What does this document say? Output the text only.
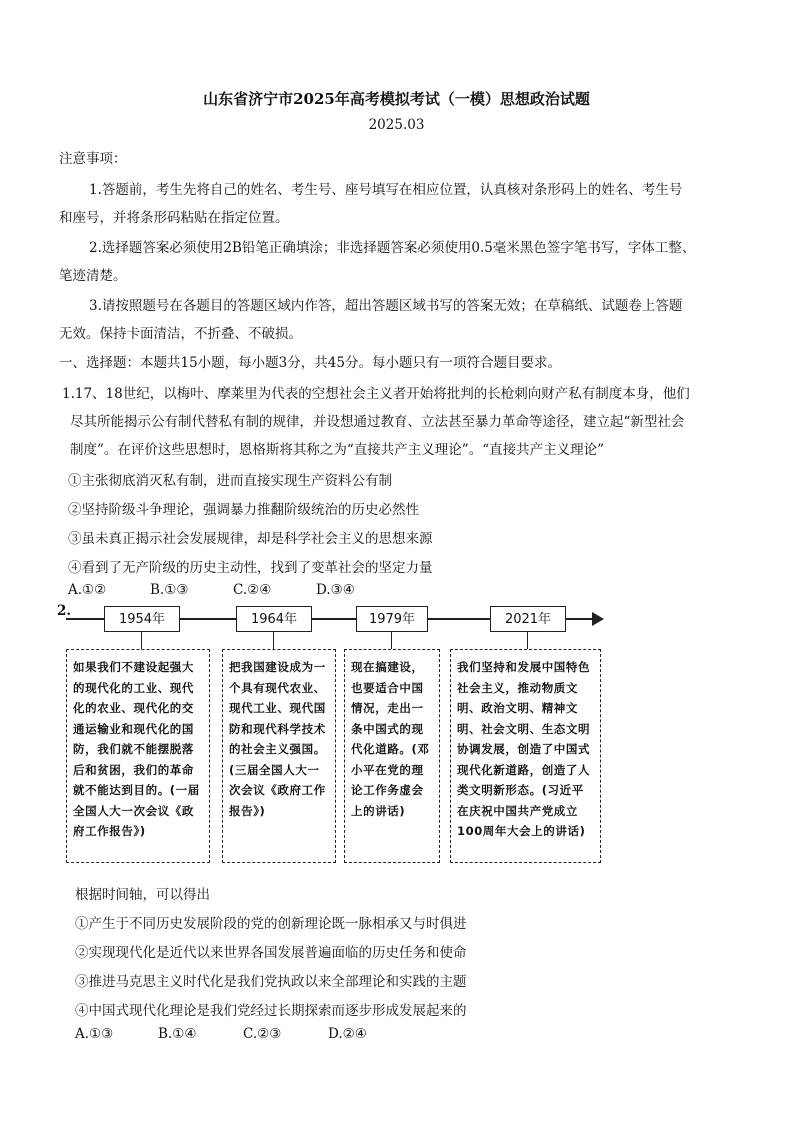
山东省济宁市2025年高考模拟考试（一模）思想政治试题
2025.03
注意事项：
1.答题前，考生先将自己的姓名、考生号、座号填写在相应位置，认真核对条形码上的姓名、考生号
和座号，并将条形码粘贴在指定位置。
2.选择题答案必须使用2B铅笔正确填涂；非选择题答案必须使用0.5毫米黑色签字笔书写，字体工整、
笔迹清楚。
3.请按照题号在各题目的答题区域内作答，超出答题区域书写的答案无效；在草稿纸、试题卷上答题
无效。保持卡面清洁，不折叠、不破损。
一、选择题：本题共15小题，每小题3分，共45分。每小题只有一项符合题目要求。
1.17、18世纪，以梅叶、摩莱里为代表的空想社会主义者开始将批判的长枪刺向财产私有制度本身，他们
尽其所能揭示公有制代替私有制的规律，并设想通过教育、立法甚至暴力革命等途径，建立起“新型社会
制度”。在评价这些思想时，恩格斯将其称之为“直接共产主义理论”。“直接共产主义理论”
①主张彻底消灭私有制，进而直接实现生产资料公有制
②坚持阶级斗争理论，强调暴力推翻阶级统治的历史必然性
③虽未真正揭示社会发展规律，却是科学社会主义的思想来源
④看到了无产阶级的历史主动性，找到了变革社会的坚定力量
A.①②	B.①③	C.②④	D.③④
2.
1954年	1964年	1979年	2021年
如果我们不建设起强大的现代化的工业、现代化的农业、现代化的交通运输业和现代化的国防，我们就不能摆脱落后和贫困，我们的革命就不能达到目的。(一届全国人大一次会议《政府工作报告》)
把我国建设成为一个具有现代农业、现代工业、现代国防和现代科学技术的社会主义强国。(三届全国人大一次会议《政府工作报告》)
现在搞建设，也要适合中国情况，走出一条中国式的现代化道路。(邓小平在党的理论工作务虚会上的讲话)
我们坚持和发展中国特色社会主义，推动物质文明、政治文明、精神文明、社会文明、生态文明协调发展，创造了中国式现代化新道路，创造了人类文明新形态。(习近平在庆祝中国共产党成立100周年大会上的讲话)
根据时间轴，可以得出
①产生于不同历史发展阶段的党的创新理论既一脉相承又与时俱进
②实现现代化是近代以来世界各国发展普遍面临的历史任务和使命
③推进马克思主义时代化是我们党执政以来全部理论和实践的主题
④中国式现代化理论是我们党经过长期探索而逐步形成发展起来的
A.①③	B.①④	C.②③	D.②④
